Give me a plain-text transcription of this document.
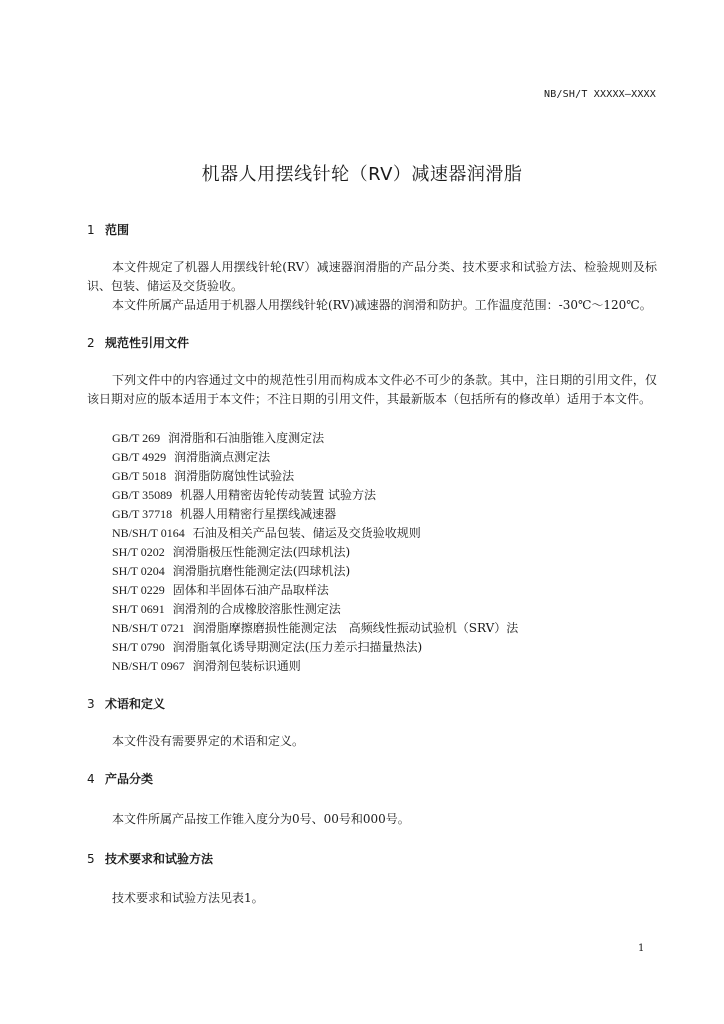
NB/SH/T XXXXX—XXXX
机器人用摆线针轮（RV）减速器润滑脂
1 范围
本文件规定了机器人用摆线针轮(RV）减速器润滑脂的产品分类、技术要求和试验方法、检验规则及标识、包装、储运及交货验收。
本文件所属产品适用于机器人用摆线针轮(RV)减速器的润滑和防护。工作温度范围：-30℃～120℃。
2 规范性引用文件
下列文件中的内容通过文中的规范性引用而构成本文件必不可少的条款。其中，注日期的引用文件，仅该日期对应的版本适用于本文件；不注日期的引用文件，其最新版本（包括所有的修改单）适用于本文件。
GB/T 269 润滑脂和石油脂锥入度测定法
GB/T 4929 润滑脂滴点测定法
GB/T 5018 润滑脂防腐蚀性试验法
GB/T 35089 机器人用精密齿轮传动装置 试验方法
GB/T 37718 机器人用精密行星摆线减速器
NB/SH/T 0164 石油及相关产品包装、储运及交货验收规则
SH/T 0202 润滑脂极压性能测定法(四球机法)
SH/T 0204 润滑脂抗磨性能测定法(四球机法)
SH/T 0229 固体和半固体石油产品取样法
SH/T 0691 润滑剂的合成橡胶溶胀性测定法
NB/SH/T 0721 润滑脂摩擦磨损性能测定法　高频线性振动试验机（SRV）法
SH/T 0790 润滑脂氧化诱导期测定法(压力差示扫描量热法)
NB/SH/T 0967 润滑剂包装标识通则
3 术语和定义
本文件没有需要界定的术语和定义。
4 产品分类
本文件所属产品按工作锥入度分为0号、00号和000号。
5 技术要求和试验方法
技术要求和试验方法见表1。
1
